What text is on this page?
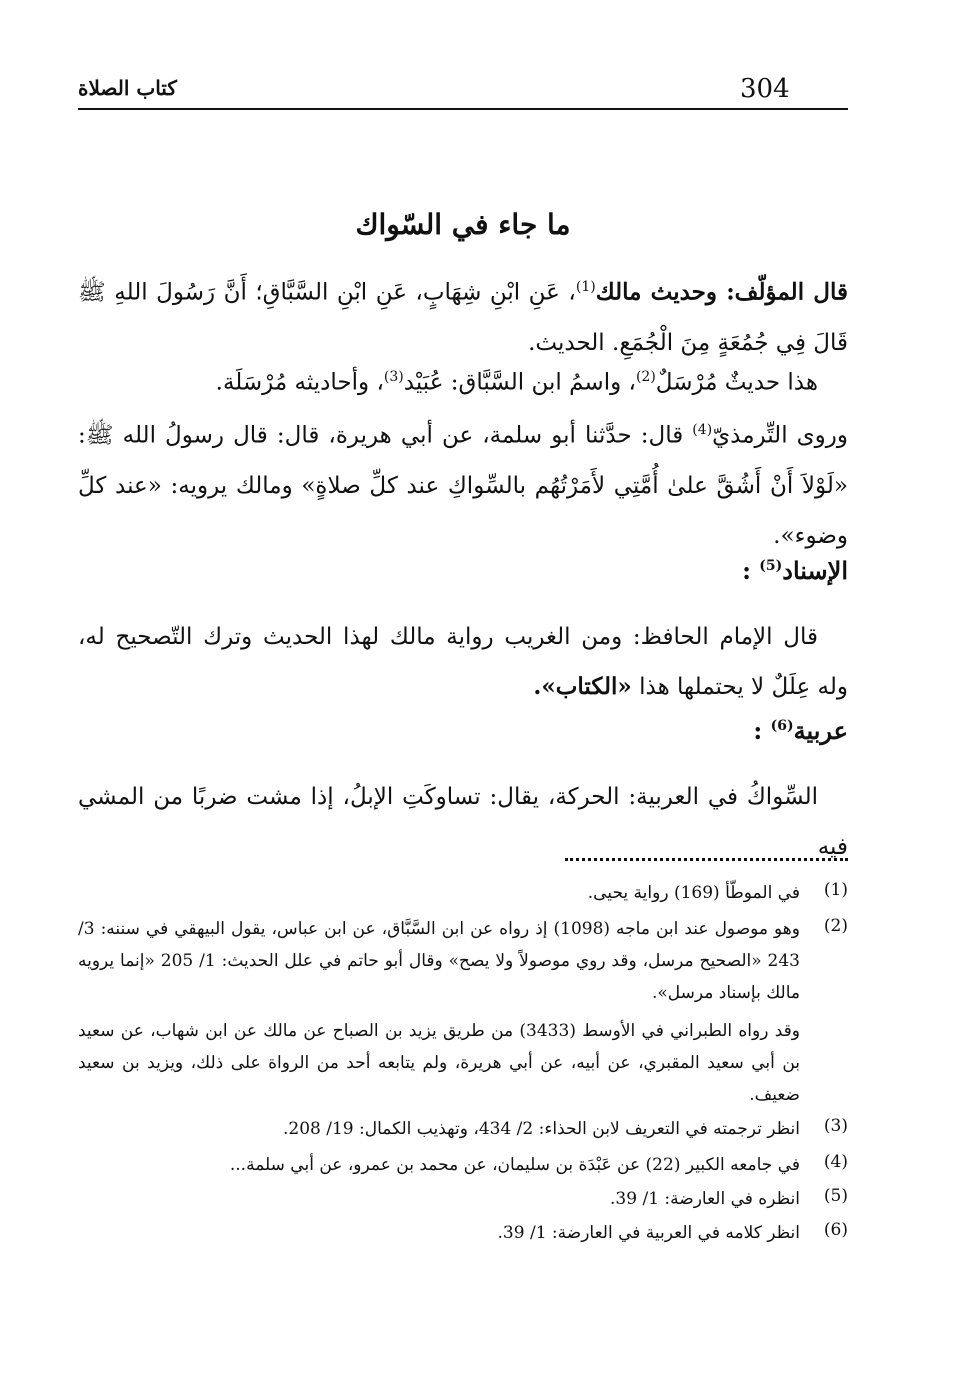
304
كتاب الصلاة
ما جاء في السّواك
قال المؤلّف: وحديث مالك$^{(1)}$، عَنِ ابْنِ شِهَابٍ، عَنِ ابْنِ السَّبَّاقِ؛ أَنَّ رَسُولَ اللهِ ﷺ قَالَ فِي جُمُعَةٍ مِنَ الْجُمَعِ. الحديث.
هذا حديثٌ مُرْسَلٌ$^{(2)}$، واسمُ ابن السَّبَّاق: عُبَيْد$^{(3)}$، وأحاديثه مُرْسَلَة.
وروى التِّرمذيّ$^{(4)}$ قال: حدَّثنا أبو سلمة، عن أبي هريرة، قال: قال رسولُ الله ﷺ: «لَوْلاَ أَنْ أَشُقَّ علىٰ أُمَّتِي لأَمَرْتُهُم بالسِّواكِ عند كلِّ صلاةٍ» ومالك يرويه: «عند كلِّ وضوء».
الإسناد$^{(5)}$ :
قال الإمام الحافظ: ومن الغريب رواية مالك لهذا الحديث وترك التّصحيح له، وله عِلَلٌ لا يحتملها هذا «الكتاب».
عربية$^{(6)}$ :
السِّواكُ في العربية: الحركة، يقال: تساوكَتِ الإبلُ، إذا مشت ضربًا من المشي فيه
(1)
في الموطّأ (169) رواية يحيى.
(2)
وهو موصول عند ابن ماجه (1098) إذ رواه عن ابن السَّبَّاق، عن ابن عباس، يقول البيهقي في سننه: 3/ 243 «الصحيح مرسل، وقد روي موصولاً ولا يصح» وقال أبو حاتم في علل الحديث: 1/ 205 «إنما يرويه مالك بإسناد مرسل».
وقد رواه الطبراني في الأوسط (3433) من طريق يزيد بن الصباح عن مالك عن ابن شهاب، عن سعيد بن أبي سعيد المقبري، عن أبيه، عن أبي هريرة، ولم يتابعه أحد من الرواة على ذلك، ويزيد بن سعيد ضعيف.
(3)
انظر ترجمته في التعريف لابن الحذاء: 2/ 434، وتهذيب الكمال: 19/ 208.
(4)
في جامعه الكبير (22) عن عَبْدَة بن سليمان، عن محمد بن عمرو، عن أبي سلمة...
(5)
انظره في العارضة: 1/ 39.
(6)
انظر كلامه في العربية في العارضة: 1/ 39.
